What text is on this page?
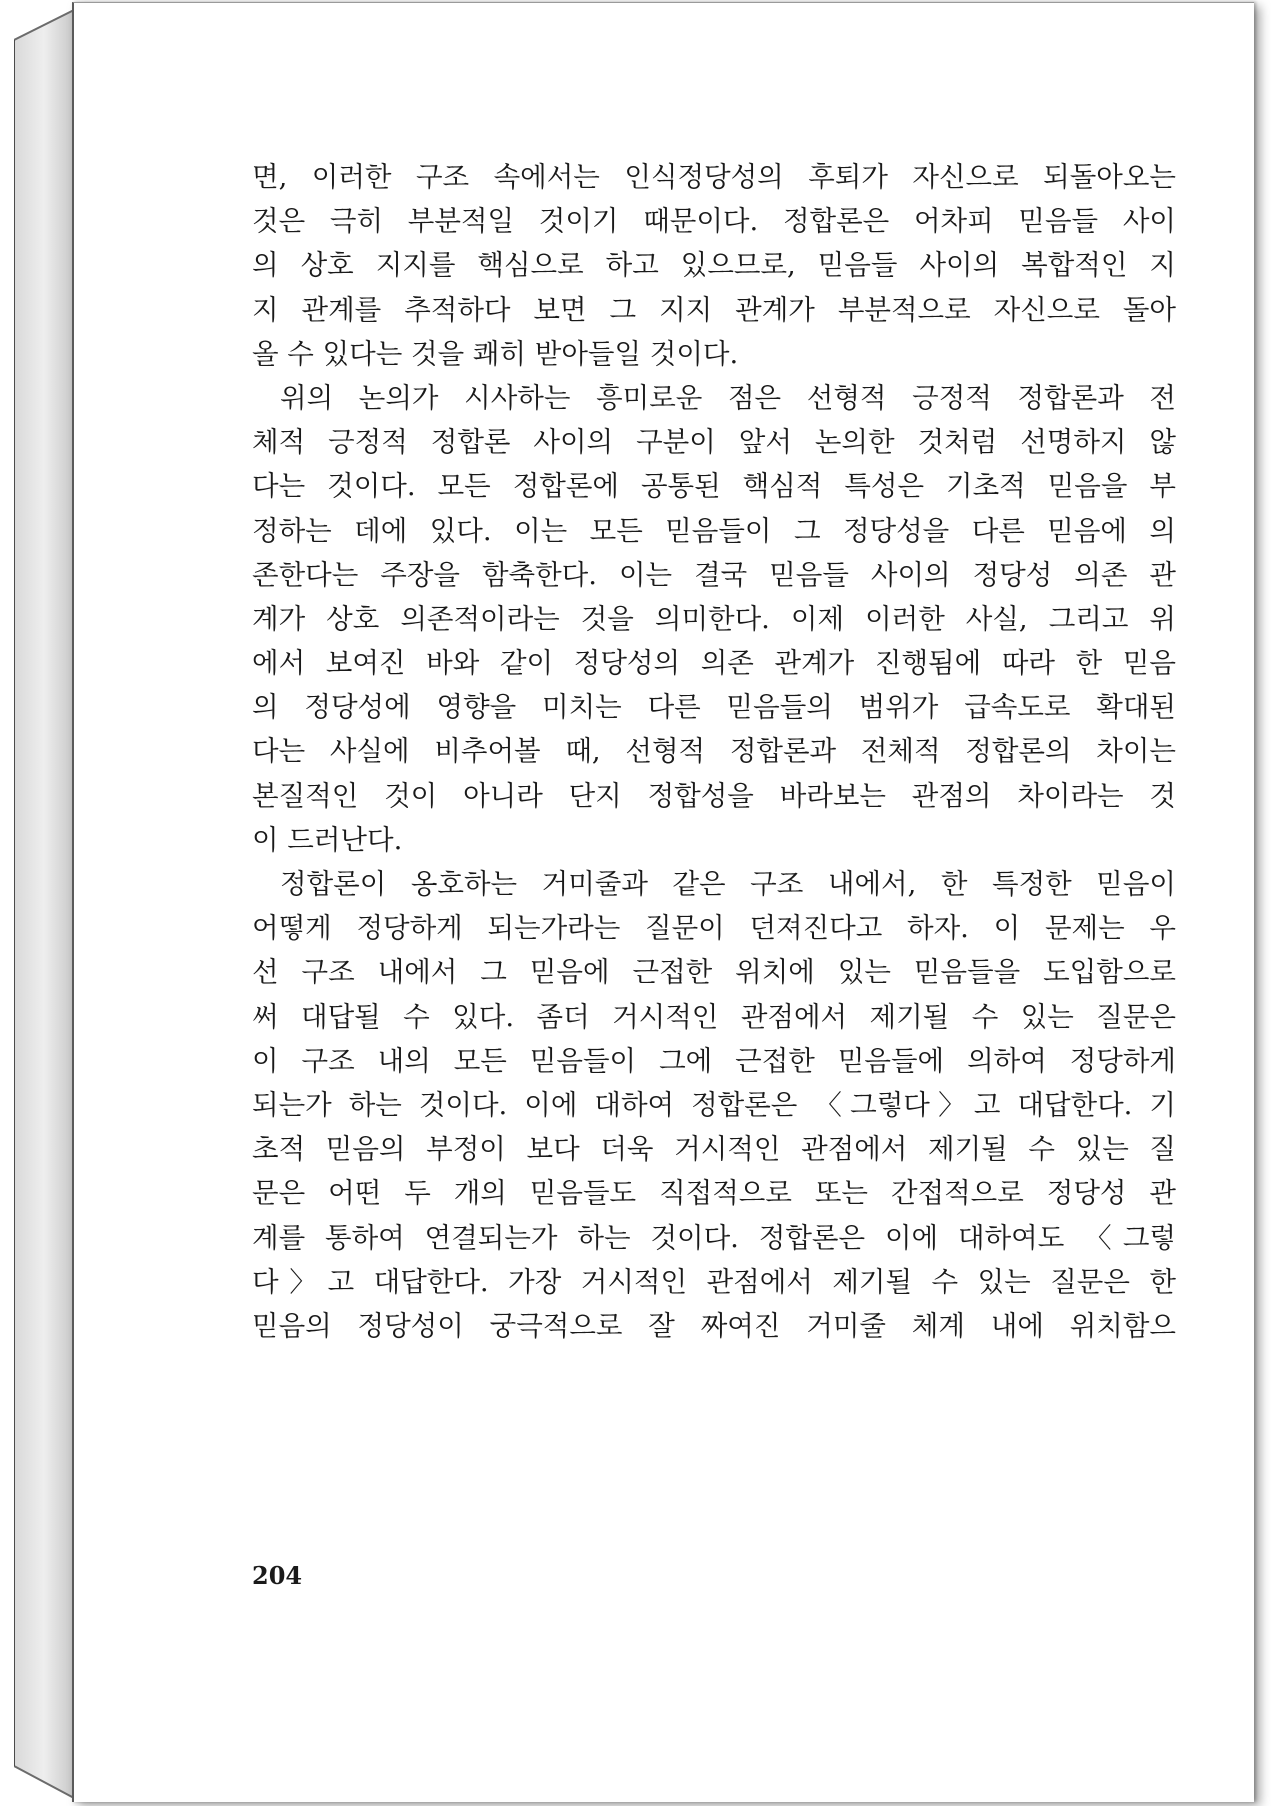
면, 이러한 구조 속에서는 인식정당성의 후퇴가 자신으로 되돌아오는
것은 극히 부분적일 것이기 때문이다. 정합론은 어차피 믿음들 사이
의 상호 지지를 핵심으로 하고 있으므로, 믿음들 사이의 복합적인 지
지 관계를 추적하다 보면 그 지지 관계가 부분적으로 자신으로 돌아
올 수 있다는 것을 쾌히 받아들일 것이다.

위의 논의가 시사하는 흥미로운 점은 선형적 긍정적 정합론과 전
체적 긍정적 정합론 사이의 구분이 앞서 논의한 것처럼 선명하지 않
다는 것이다. 모든 정합론에 공통된 핵심적 특성은 기초적 믿음을 부
정하는 데에 있다. 이는 모든 믿음들이 그 정당성을 다른 믿음에 의
존한다는 주장을 함축한다. 이는 결국 믿음들 사이의 정당성 의존 관
계가 상호 의존적이라는 것을 의미한다. 이제 이러한 사실, 그리고 위
에서 보여진 바와 같이 정당성의 의존 관계가 진행됨에 따라 한 믿음
의 정당성에 영향을 미치는 다른 믿음들의 범위가 급속도로 확대된
다는 사실에 비추어볼 때, 선형적 정합론과 전체적 정합론의 차이는
본질적인 것이 아니라 단지 정합성을 바라보는 관점의 차이라는 것
이 드러난다.

정합론이 옹호하는 거미줄과 같은 구조 내에서, 한 특정한 믿음이
어떻게 정당하게 되는가라는 질문이 던져진다고 하자. 이 문제는 우
선 구조 내에서 그 믿음에 근접한 위치에 있는 믿음들을 도입함으로
써 대답될 수 있다. 좀더 거시적인 관점에서 제기될 수 있는 질문은
이 구조 내의 모든 믿음들이 그에 근접한 믿음들에 의하여 정당하게
되는가 하는 것이다. 이에 대하여 정합론은 〈그렇다〉고 대답한다. 기
초적 믿음의 부정이 보다 더욱 거시적인 관점에서 제기될 수 있는 질
문은 어떤 두 개의 믿음들도 직접적으로 또는 간접적으로 정당성 관
계를 통하여 연결되는가 하는 것이다. 정합론은 이에 대하여도 〈그렇
다〉고 대답한다. 가장 거시적인 관점에서 제기될 수 있는 질문은 한
믿음의 정당성이 궁극적으로 잘 짜여진 거미줄 체계 내에 위치함으

204
